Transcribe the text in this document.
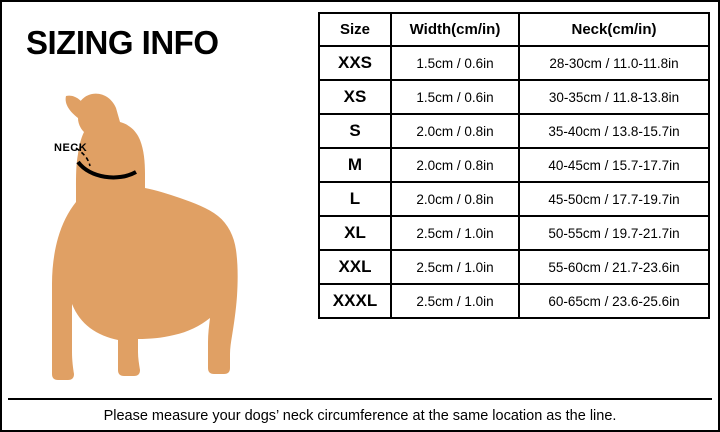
SIZING INFO
NECK
Size	Width(cm/in)	Neck(cm/in)
XXS	1.5cm / 0.6in	28-30cm / 11.0-11.8in
XS	1.5cm / 0.6in	30-35cm / 11.8-13.8in
S	2.0cm / 0.8in	35-40cm / 13.8-15.7in
M	2.0cm / 0.8in	40-45cm / 15.7-17.7in
L	2.0cm / 0.8in	45-50cm / 17.7-19.7in
XL	2.5cm / 1.0in	50-55cm / 19.7-21.7in
XXL	2.5cm / 1.0in	55-60cm / 21.7-23.6in
XXXL	2.5cm / 1.0in	60-65cm / 23.6-25.6in
Please measure your dogs’ neck circumference at the same location as the line.
